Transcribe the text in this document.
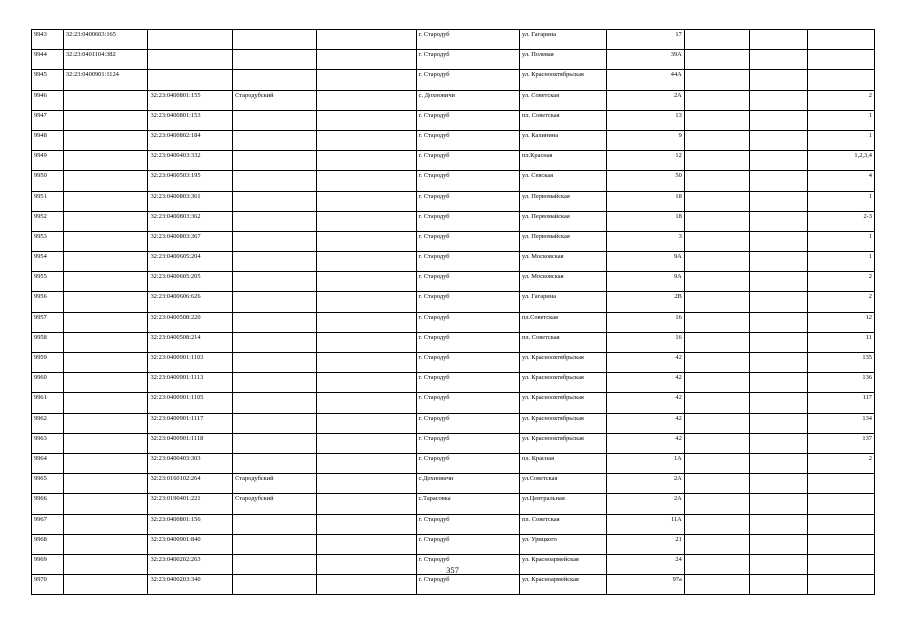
9943	32:23:0400603:165				г. Стародуб	ул. Гагарина	17			
9944	32:23:0401104:382				г. Стародуб	ул. Полевая	39А			
9945	32:23:0400901:1124				г. Стародуб	ул. Краснооктябрьская	44А			
9946		32:23:0400801:155	Стародубский		с. Дохновичи	ул. Советская	2А			2
9947		32:23:0400801:153			г. Стародуб	пл. Советская	13			1
9948		32:23:0400802:184			г. Стародуб	ул. Калинина	9			1
9949		32:23:0400403:332			г. Стародуб	пл.Красная	12			1,2,3,4
9950		32:23:0400503:195			г. Стародуб	ул. Севская	50			4
9951		32:23:0400803:361			г. Стародуб	ул. Первомайская	18			1
9952		32:23:0400803:362			г. Стародуб	ул. Первомайская	18			2-3
9953		32:23:0400803:367			г. Стародуб	ул. Первомайская	3			1
9954		32:23:0400605:204			г. Стародуб	ул. Московская	9А			1
9955		32:23:0400605:205			г. Стародуб	ул. Московская	9А			2
9956		32:23:0400606:626			г. Стародуб	ул. Гагарина	2В			2
9957		32:23:0400508:220			г. Стародуб	пл.Советская	16			12
9958		32:23:0400508:214			г. Стародуб	пл. Советская	16			11
9959		32:23:0400901:1103			г. Стародуб	ул. Краснооктябрьская	42			135
9960		32:23:0400901:1113			г. Стародуб	ул. Краснооктябрьская	42			136
9961		32:23:0400901:1105			г. Стародуб	ул. Краснооктябрьская	42			117
9962		32:23:0400901:1117			г. Стародуб	ул. Краснооктябрьская	42			134
9963		32:23:0400901:1118			г. Стародуб	ул. Краснооктябрьская	42			137
9964		32:23:0400403:303			г. Стародуб	пл. Красная	1А			2
9965		32:23:0160102:264	Стародубский		с.Дохновичи	ул.Советская	2А			
9966		32:23:0190401:221	Стародубский		с.Тарасовка	ул.Центральная	2А			
9967		32:23:0400801:156			г. Стародуб	пл. Советская	11А			
9968		32:23:0400901:840			г. Стародуб	ул. Урицкого	21			
9969		32:23:0400202:263			г. Стародуб	ул. Красноармейская	24			
9970		32:23:0400203:340			г. Стародуб	ул. Красноармейская	97а			
357
